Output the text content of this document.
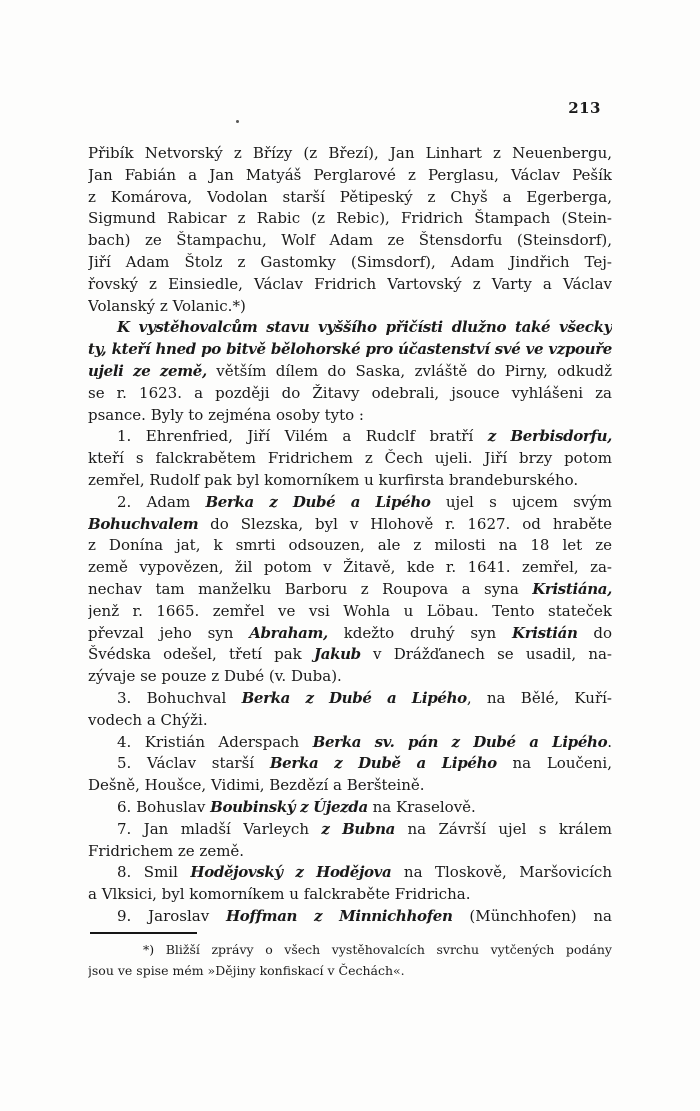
213
Přibík Netvorský z Břízy (z Březí), Jan Linhart z Neuenbergu,
Jan Fabián a Jan Matyáš Perglarové z Perglasu, Václav Pešík
z Komárova, Vodolan starší Pětipeský z Chyš a Egerberga,
Sigmund Rabicar z Rabic (z Rebic), Fridrich Štampach (Stein-
bach) ze Štampachu, Wolf Adam ze Štensdorfu (Steinsdorf),
Jiří Adam Štolz z Gastomky (Simsdorf), Adam Jindřich Tej-
řovský z Einsiedle, Václav Fridrich Vartovský z Varty a Václav
Volanský z Volanic.*)
K vystěhovalcům stavu vyššího přičísti dlužno také všecky
ty, kteří hned po bitvě bělohorské pro účastenství své ve vzpouře
ujeli ze země, větším dílem do Saska, zvláště do Pirny, odkudž
se r. 1623. a později do Žitavy odebrali, jsouce vyhlášeni za
psance. Byly to zejména osoby tyto :
1. Ehrenfried, Jiří Vilém a Rudclf bratří z Berbisdorfu,
kteří s falckrabětem Fridrichem z Čech ujeli. Jiří brzy potom
zemřel, Rudolf pak byl komorníkem u kurfirsta brandeburského.
2. Adam Berka z Dubé a Lipého ujel s ujcem svým
Bohuchvalem do Slezska, byl v Hlohově r. 1627. od hraběte
z Donína jat, k smrti odsouzen, ale z milosti na 18 let ze
země vypovězen, žil potom v Žitavě, kde r. 1641. zemřel, za-
nechav tam manželku Barboru z Roupova a syna Kristiána,
jenž r. 1665. zemřel ve vsi Wohla u Löbau. Tento stateček
převzal jeho syn Abraham, kdežto druhý syn Kristián do
Švédska odešel, třetí pak Jakub v Drážďanech se usadil, na-
zývaje se pouze z Dubé (v. Duba).
3. Bohuchval Berka z Dubé a Lipého, na Bělé, Kuří-
vodech a Chýži.
4. Kristián Aderspach Berka sv. pán z Dubé a Lipého.
5. Václav starší Berka z Dubě a Lipého na Loučeni,
Dešně, Houšce, Vidimi, Bezdězí a Beršteině.
6. Bohuslav Boubinský z Újezda na Kraselově.
7. Jan mladší Varleych z Bubna na Závrší ujel s králem
Fridrichem ze země.
8. Smil Hodějovský z Hodějova na Tloskově, Maršovicích
a Vlksici, byl komorníkem u falckraběte Fridricha.
9. Jaroslav Hoffman z Minnichhofen (Münchhofen) na
*) Bližší zprávy o všech vystěhovalcích svrchu vytčených podány
jsou ve spise mém »Dějiny konfiskací v Čechách«.
